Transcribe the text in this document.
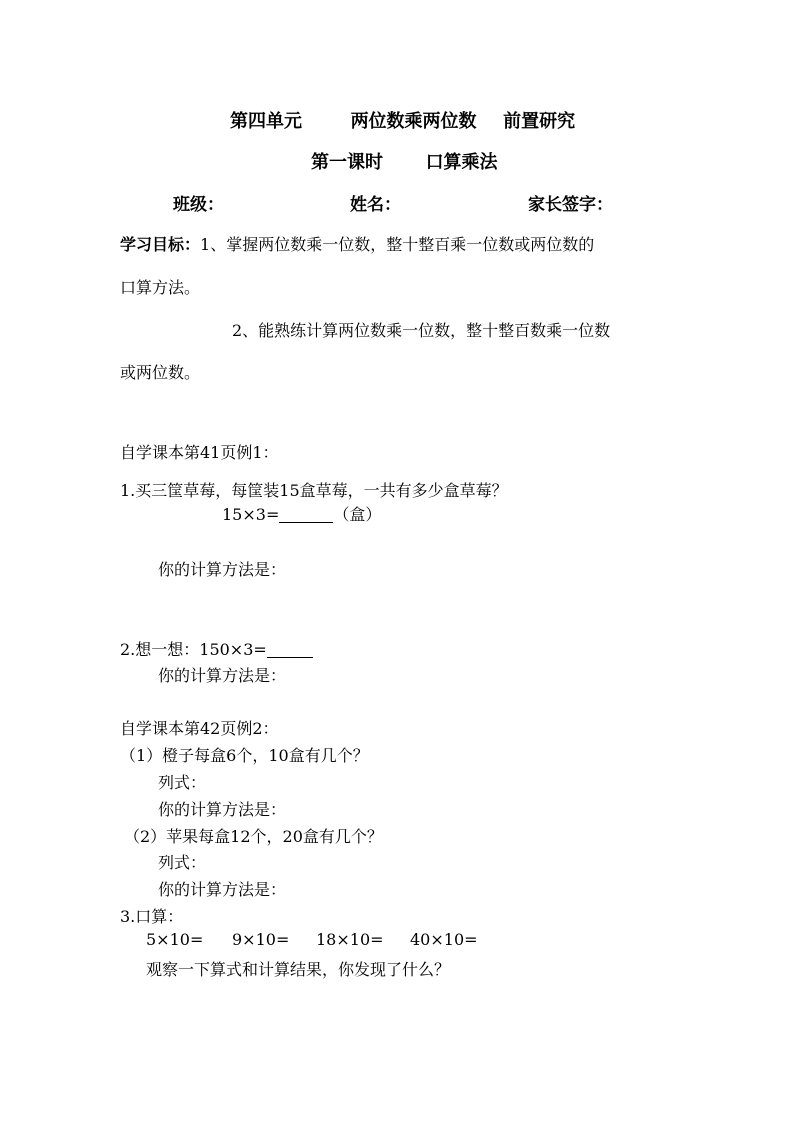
第四单元	两位数乘两位数 前置研究
第一课时 口算乘法
班级：	姓名：	家长签字：
学习目标：1、掌握两位数乘一位数，整十整百乘一位数或两位数的
口算方法。
2、能熟练计算两位数乘一位数，整十整百数乘一位数
或两位数。
自学课本第41页例1：
1.买三筐草莓，每筐装15盒草莓，一共有多少盒草莓？
15×3=	（盒）
你的计算方法是：
2.想一想：150×3=
你的计算方法是：
自学课本第42页例2：
（1）橙子每盒6个，10盒有几个？
列式：
你的计算方法是：
（2）苹果每盒12个，20盒有几个？
列式：
你的计算方法是：
3.口算：
5×10= 9×10= 18×10= 40×10=
观察一下算式和计算结果，你发现了什么？
